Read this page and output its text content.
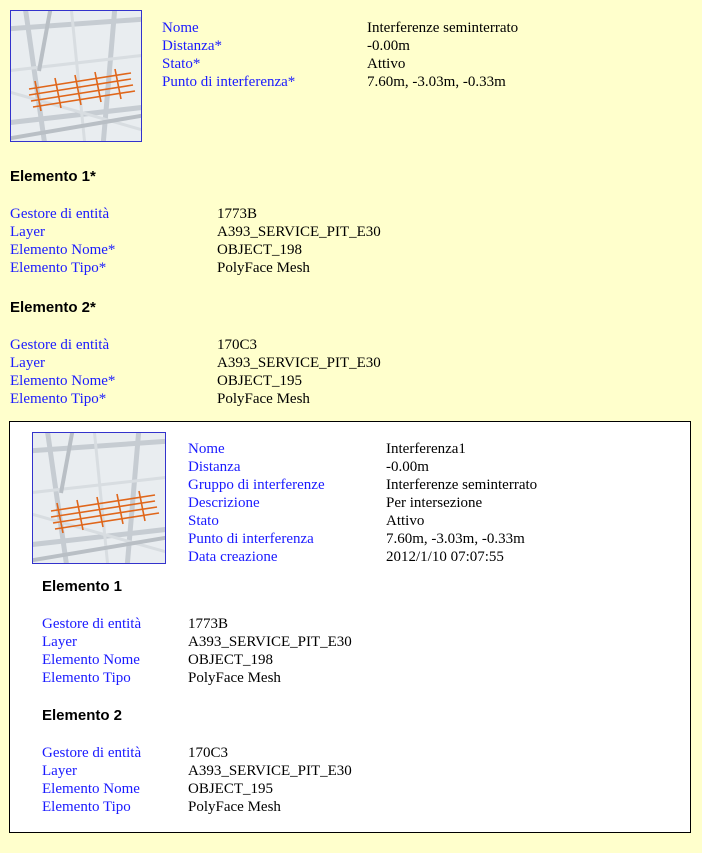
Nome	Interferenze seminterrato
Distanza*	-0.00m
Stato*	Attivo
Punto di interferenza*	7.60m, -3.03m, -0.33m
Elemento 1*
Gestore di entità	1773B
Layer	A393_SERVICE_PIT_E30
Elemento Nome*	OBJECT_198
Elemento Tipo*	PolyFace Mesh
Elemento 2*
Gestore di entità	170C3
Layer	A393_SERVICE_PIT_E30
Elemento Nome*	OBJECT_195
Elemento Tipo*	PolyFace Mesh
Nome	Interferenza1
Distanza	-0.00m
Gruppo di interferenze	Interferenze seminterrato
Descrizione	Per intersezione
Stato	Attivo
Punto di interferenza	7.60m, -3.03m, -0.33m
Data creazione	2012/1/10 07:07:55
Elemento 1
Gestore di entità	1773B
Layer	A393_SERVICE_PIT_E30
Elemento Nome	OBJECT_198
Elemento Tipo	PolyFace Mesh
Elemento 2
Gestore di entità	170C3
Layer	A393_SERVICE_PIT_E30
Elemento Nome	OBJECT_195
Elemento Tipo	PolyFace Mesh
